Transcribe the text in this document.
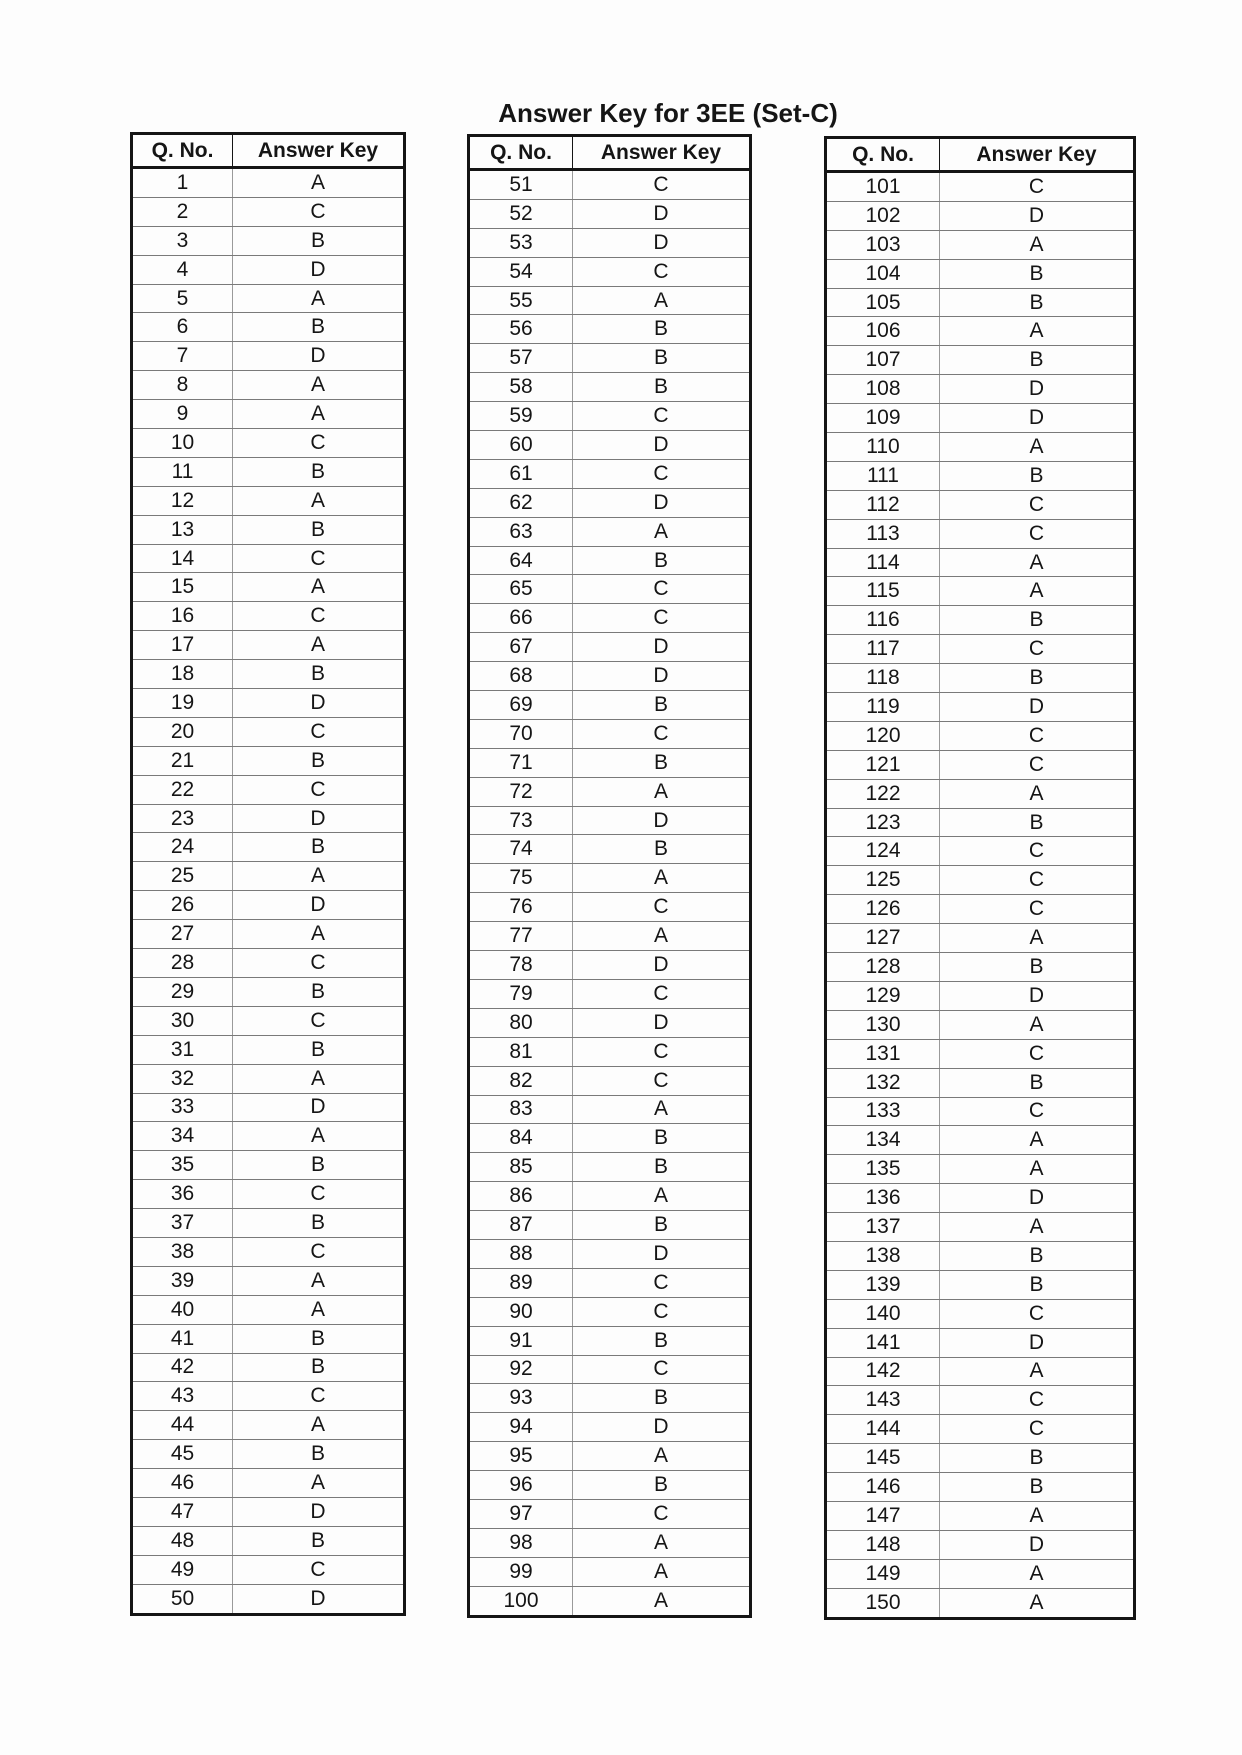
Answer Key for 3EE (Set-C)
Q. No.	Answer Key
1	A
2	C
3	B
4	D
5	A
6	B
7	D
8	A
9	A
10	C
11	B
12	A
13	B
14	C
15	A
16	C
17	A
18	B
19	D
20	C
21	B
22	C
23	D
24	B
25	A
26	D
27	A
28	C
29	B
30	C
31	B
32	A
33	D
34	A
35	B
36	C
37	B
38	C
39	A
40	A
41	B
42	B
43	C
44	A
45	B
46	A
47	D
48	B
49	C
50	D
Q. No.	Answer Key
51	C
52	D
53	D
54	C
55	A
56	B
57	B
58	B
59	C
60	D
61	C
62	D
63	A
64	B
65	C
66	C
67	D
68	D
69	B
70	C
71	B
72	A
73	D
74	B
75	A
76	C
77	A
78	D
79	C
80	D
81	C
82	C
83	A
84	B
85	B
86	A
87	B
88	D
89	C
90	C
91	B
92	C
93	B
94	D
95	A
96	B
97	C
98	A
99	A
100	A
Q. No.	Answer Key
101	C
102	D
103	A
104	B
105	B
106	A
107	B
108	D
109	D
110	A
111	B
112	C
113	C
114	A
115	A
116	B
117	C
118	B
119	D
120	C
121	C
122	A
123	B
124	C
125	C
126	C
127	A
128	B
129	D
130	A
131	C
132	B
133	C
134	A
135	A
136	D
137	A
138	B
139	B
140	C
141	D
142	A
143	C
144	C
145	B
146	B
147	A
148	D
149	A
150	A
